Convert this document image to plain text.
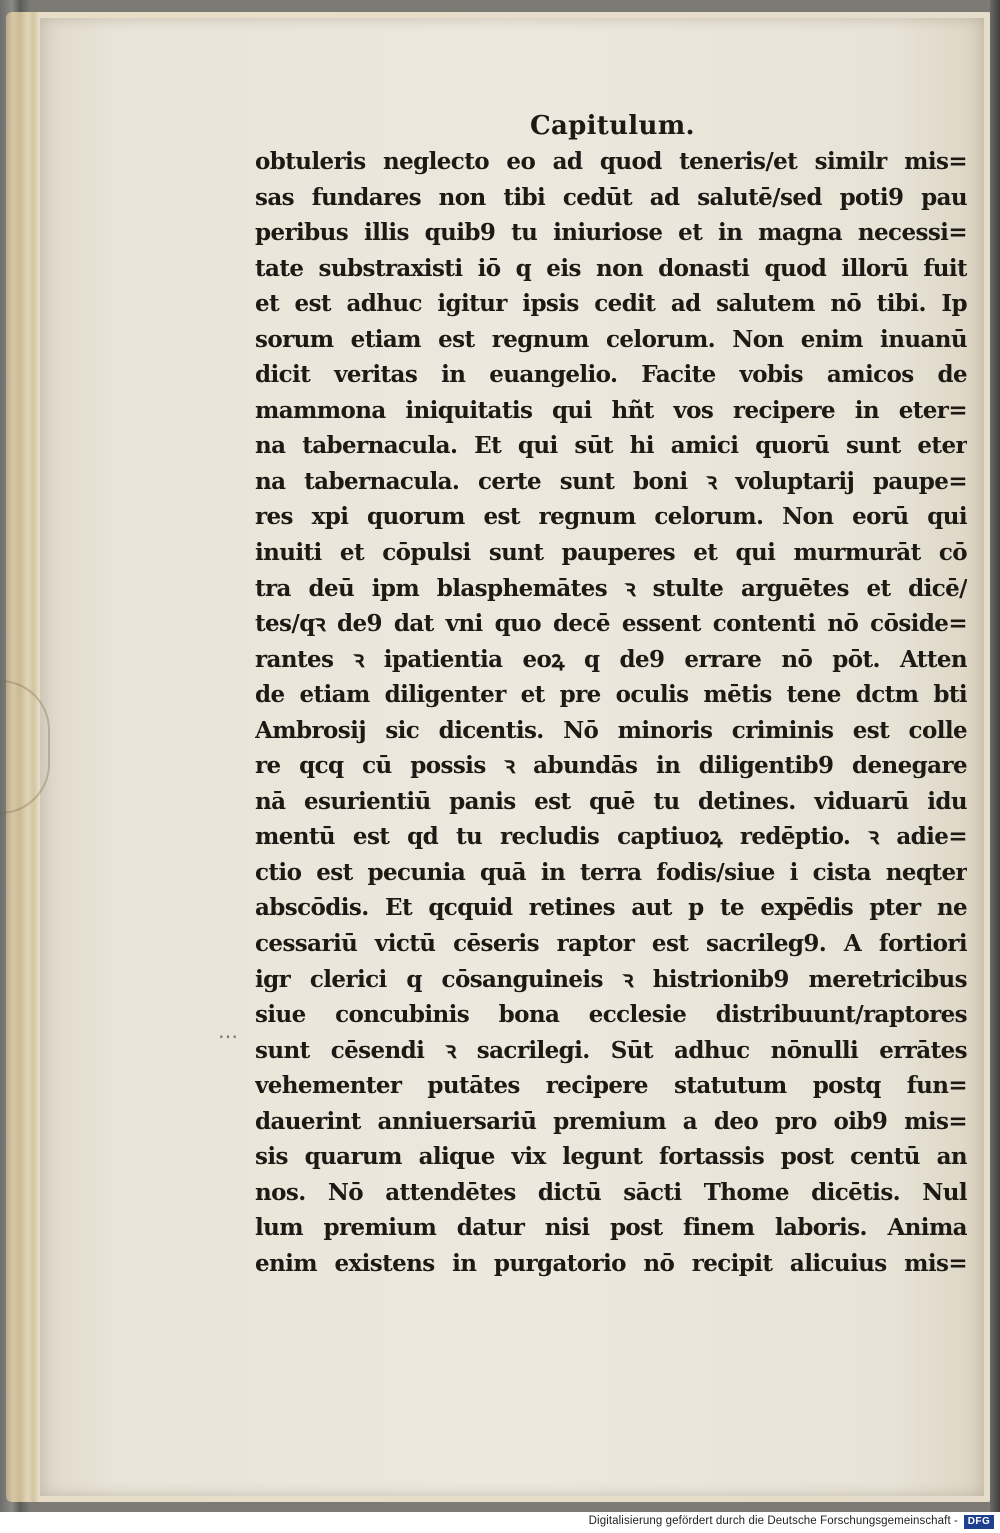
⋯
Capitulum.
obtuleris neglecto eo ad quod teneris/et similr mis=
sas fundares non tibi cedūt ad salutē/sed poti9 pau
peribus illis quib9 tu iniuriose et in magna necessi=
tate substraxisti iō q eis non donasti quod illorū fuit
et est adhuc igitur ipsis cedit ad salutem nō tibi. Ip
sorum etiam est regnum celorum. Non enim inuanū
dicit veritas in euangelio. Facite vobis amicos de
mammona iniquitatis qui hñt vos recipere in eter=
na tabernacula. Et qui sūt hi amici quorū sunt eter
na tabernacula. certe sunt boni ꝛ voluptarij paupe=
res xpi quorum est regnum celorum. Non eorū qui
inuiti et cōpulsi sunt pauperes et qui murmurāt cō
tra deū ipm blasphemātes ꝛ stulte arguētes et dicē/
tes/qꝛ de9 dat vni quo decē essent contenti nō cōside=
rantes ꝛ ipatientia eoꝝ q de9 errare nō pōt. Atten
de etiam diligenter et pre oculis mētis tene dctm bti
Ambrosij sic dicentis. Nō minoris criminis est colle
re qcq cū possis ꝛ abundās in diligentib9 denegare
nā esurientiū panis est quē tu detines. viduarū idu
mentū est qd tu recludis captiuoꝝ redēptio. ꝛ adie=
ctio est pecunia quā in terra fodis/siue i cista neqter
abscōdis. Et qcquid retines aut p te expēdis pter ne
cessariū victū cēseris raptor est sacrileg9. A fortiori
igr clerici q cōsanguineis ꝛ histrionib9 meretricibus
siue concubinis bona ecclesie distribuunt/raptores
sunt cēsendi ꝛ sacrilegi. Sūt adhuc nōnulli errātes
vehementer putātes recipere statutum postq fun=
dauerint anniuersariū premium a deo pro oib9 mis=
sis quarum alique vix legunt fortassis post centū an
nos. Nō attendētes dictū sācti Thome dicētis. Nul
lum premium datur nisi post finem laboris. Anima
enim existens in purgatorio nō recipit alicuius mis=
Digitalisierung gefördert durch die Deutsche Forschungsgemeinschaft - DFG
